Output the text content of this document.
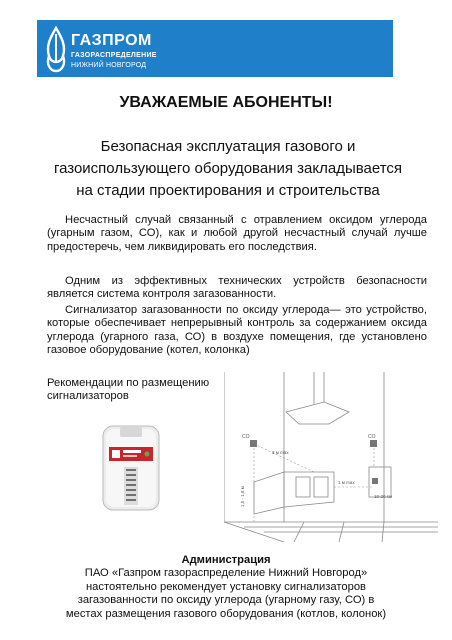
ГАЗПРОМ
ГАЗОРАСПРЕДЕЛЕНИЕ
НИЖНИЙ НОВГОРОД
УВАЖАЕМЫЕ АБОНЕНТЫ!
Безопасная эксплуатация газового и газоиспользующего оборудования закладывается на стадии проектирования и строительства
Несчастный случай связанный с отравлением оксидом углерода (угарным газом, СО), как и любой другой несчастный случай лучше предостеречь, чем ликвидировать его последствия.
Одним из эффективных технических устройств безопасности является система контроля загазованности.
Сигнализатор загазованности по оксиду углерода— это устройство, которые обеспечивает непрерывный контроль за содержанием оксида углерода (угарного газа, СО) в воздухе помещения, где установлено газовое оборудование (котел, колонка)
Рекомендации по размещению сигнализаторов
CO	CO
1 м max
3 м max
10-20 см
1,5 - 1,8 м
Администрация
ПАО «Газпром газораспределение Нижний Новгород»
настоятельно рекомендует установку сигнализаторов
загазованности по оксиду углерода (угарному газу, СО) в
местах размещения газового оборудования (котлов, колонок)
